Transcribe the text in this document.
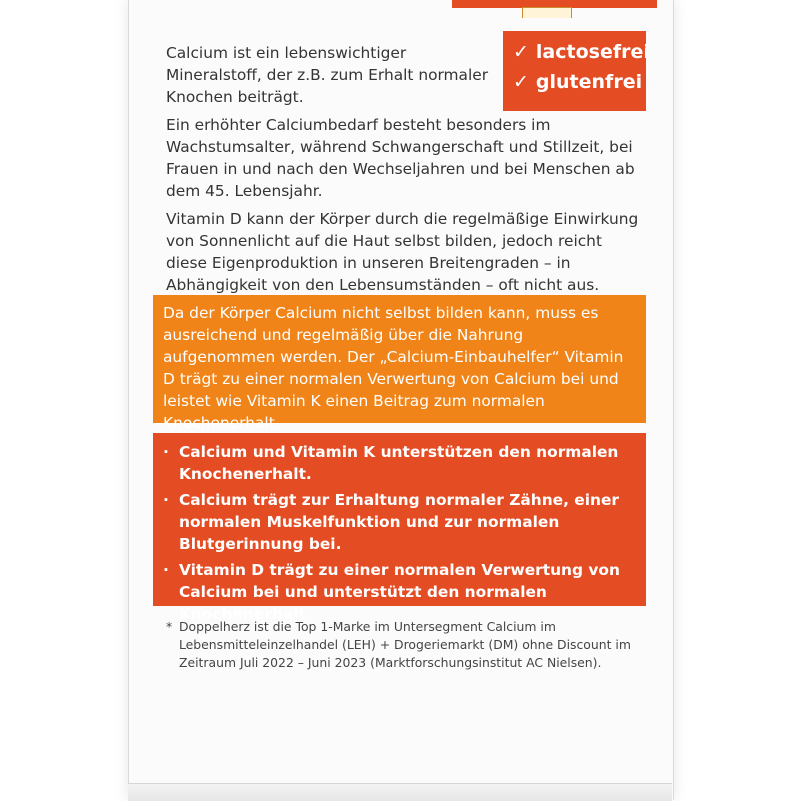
Calcium ist ein lebenswichtiger Mineralstoff, der z.B. zum Erhalt normaler Knochen beiträgt.

Ein erhöhter Calciumbedarf besteht besonders im Wachstumsalter, während Schwangerschaft und Stillzeit, bei Frauen in und nach den Wechseljahren und bei Menschen ab dem 45. Lebensjahr.

Vitamin D kann der Körper durch die regelmäßige Einwirkung von Sonnenlicht auf die Haut selbst bilden, jedoch reicht diese Eigenproduktion in unseren Breitengraden – in Abhängigkeit von den Lebensumständen – oft nicht aus.

✓ lactosefrei
✓ glutenfrei
Da der Körper Calcium nicht selbst bilden kann, muss es ausreichend und regelmäßig über die Nahrung aufgenommen werden. Der „Calcium-Einbauhelfer“ Vitamin D trägt zu einer normalen Verwertung von Calcium bei und leistet wie Vitamin K einen Beitrag zum normalen Knochenerhalt.
· Calcium und Vitamin K unterstützen den normalen Knochenerhalt.
· Calcium trägt zur Erhaltung normaler Zähne, einer normalen Muskelfunktion und zur normalen Blutgerinnung bei.
· Vitamin D trägt zu einer normalen Verwertung von Calcium bei und unterstützt den normalen Knochenerhalt.
* Doppelherz ist die Top 1-Marke im Untersegment Calcium im Lebensmitteleinzelhandel (LEH) + Drogeriemarkt (DM) ohne Discount im Zeitraum Juli 2022 – Juni 2023 (Marktforschungsinstitut AC Nielsen).
